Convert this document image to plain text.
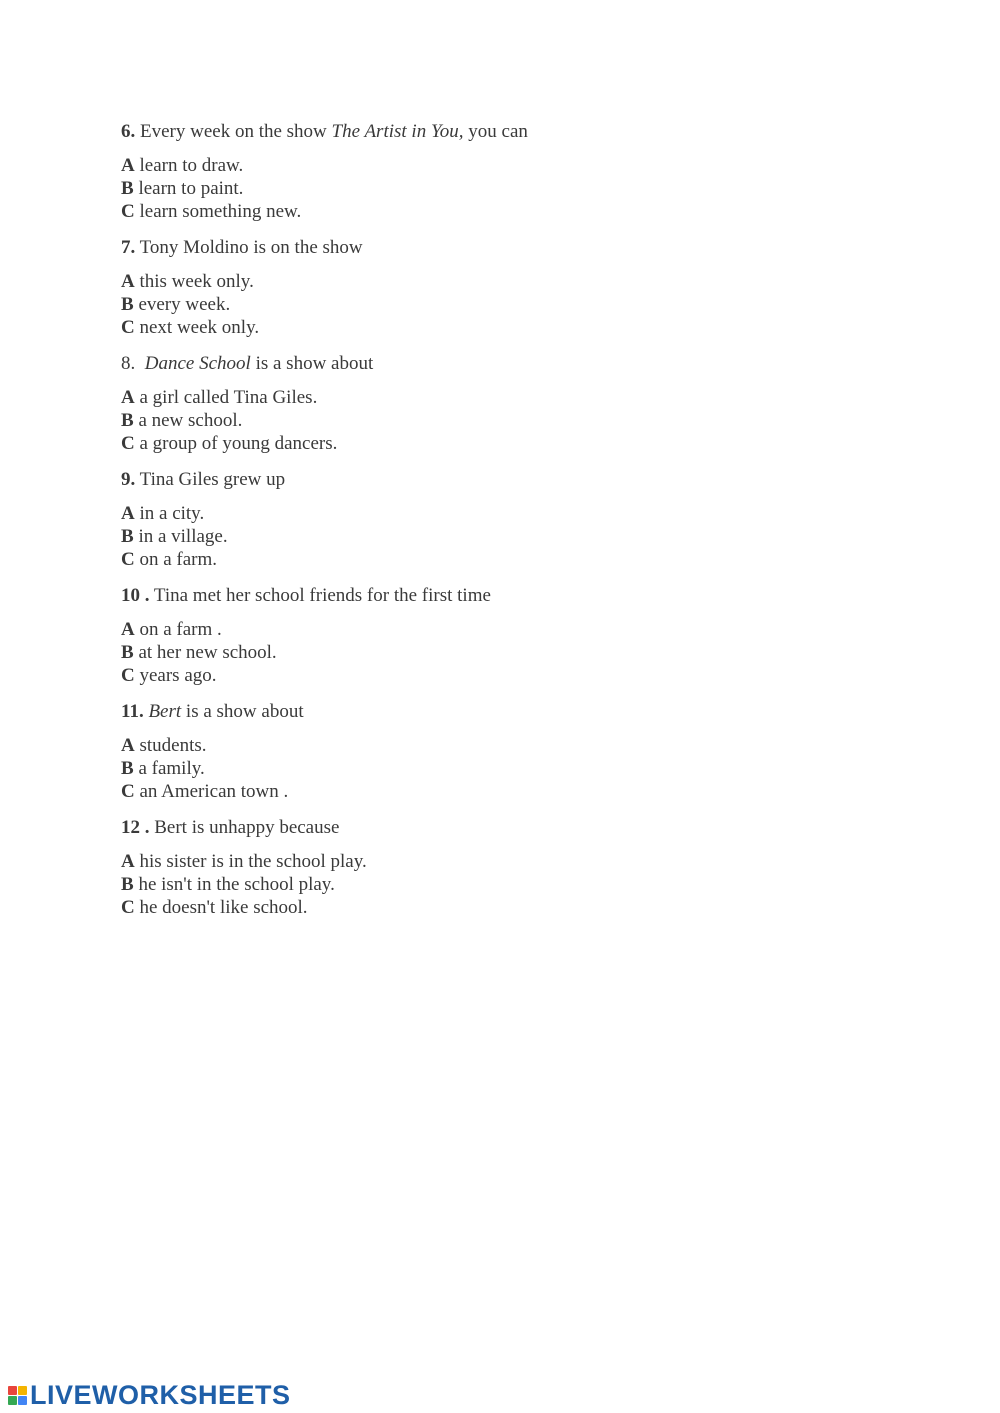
6. Every week on the show The Artist in You, you can
A learn to draw.
B learn to paint.
C learn something new.
7. Tony Moldino is on the show
A this week only.
B every week.
C next week only.
8. Dance School is a show about
A a girl called Tina Giles.
B a new school.
C a group of young dancers.
9. Tina Giles grew up
A in a city.
B in a village.
C on a farm.
10 . Tina met her school friends for the first time
A on a farm .
B at her new school.
C years ago.
11. Bert is a show about
A students.
B a family.
C an American town .
12 . Bert is unhappy because
A his sister is in the school play.
B he isn't in the school play.
C he doesn't like school.
LIVEWORKSHEETS
